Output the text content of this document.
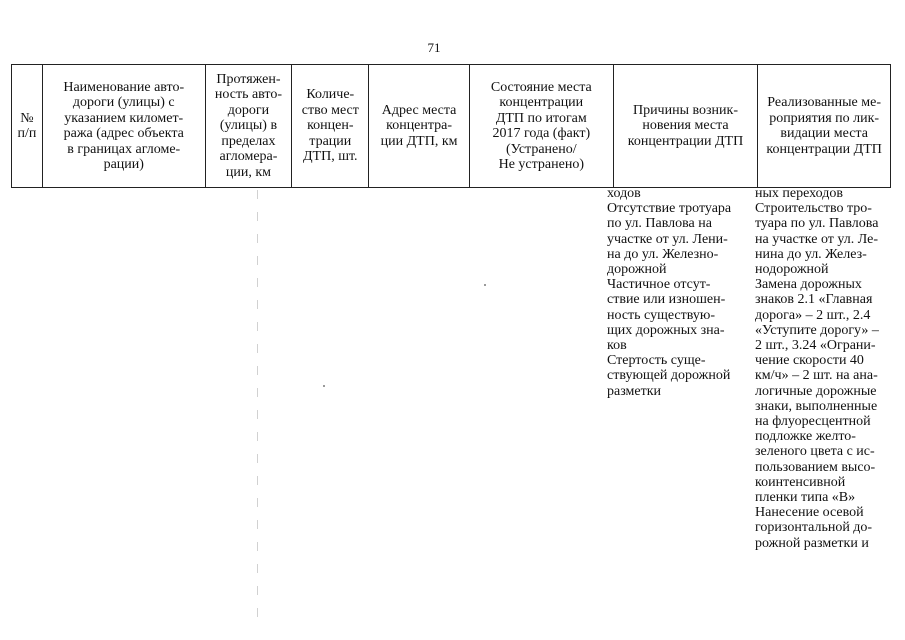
71
№
п/п
Наименование авто-
дороги (улицы) с
указанием километ-
ража (адрес объекта
в границах агломе-
рации)
Протяжен-
ность авто-
дороги
(улицы) в
пределах
агломера-
ции, км
Количе-
ство мест
концен-
трации
ДТП, шт.
Адрес места
концентра-
ции ДТП, км
Состояние места
концентрации
ДТП по итогам
2017 года (факт)
(Устранено/
Не устранено)
Причины возник-
новения места
концентрации ДТП
Реализованные ме-
роприятия по лик-
видации места
концентрации ДТП
ходов
Отсутствие тротуара
по ул. Павлова на
участке от ул. Лени-
на до ул. Железно-
дорожной
Частичное отсут-
ствие или изношен-
ность существую-
щих дорожных зна-
ков
Стертость суще-
ствующей дорожной
разметки
ных переходов
Строительство тро-
туара по ул. Павлова
на участке от ул. Ле-
нина до ул. Желез-
нодорожной
Замена дорожных
знаков 2.1 «Главная
дорога» – 2 шт., 2.4
«Уступите дорогу» –
2 шт., 3.24 «Ограни-
чение скорости 40
км/ч» – 2 шт. на ана-
логичные дорожные
знаки, выполненные
на флуоресцентной
подложке желто-
зеленого цвета с ис-
пользованием высо-
коинтенсивной
пленки типа «В»
Нанесение осевой
горизонтальной до-
рожной разметки и
